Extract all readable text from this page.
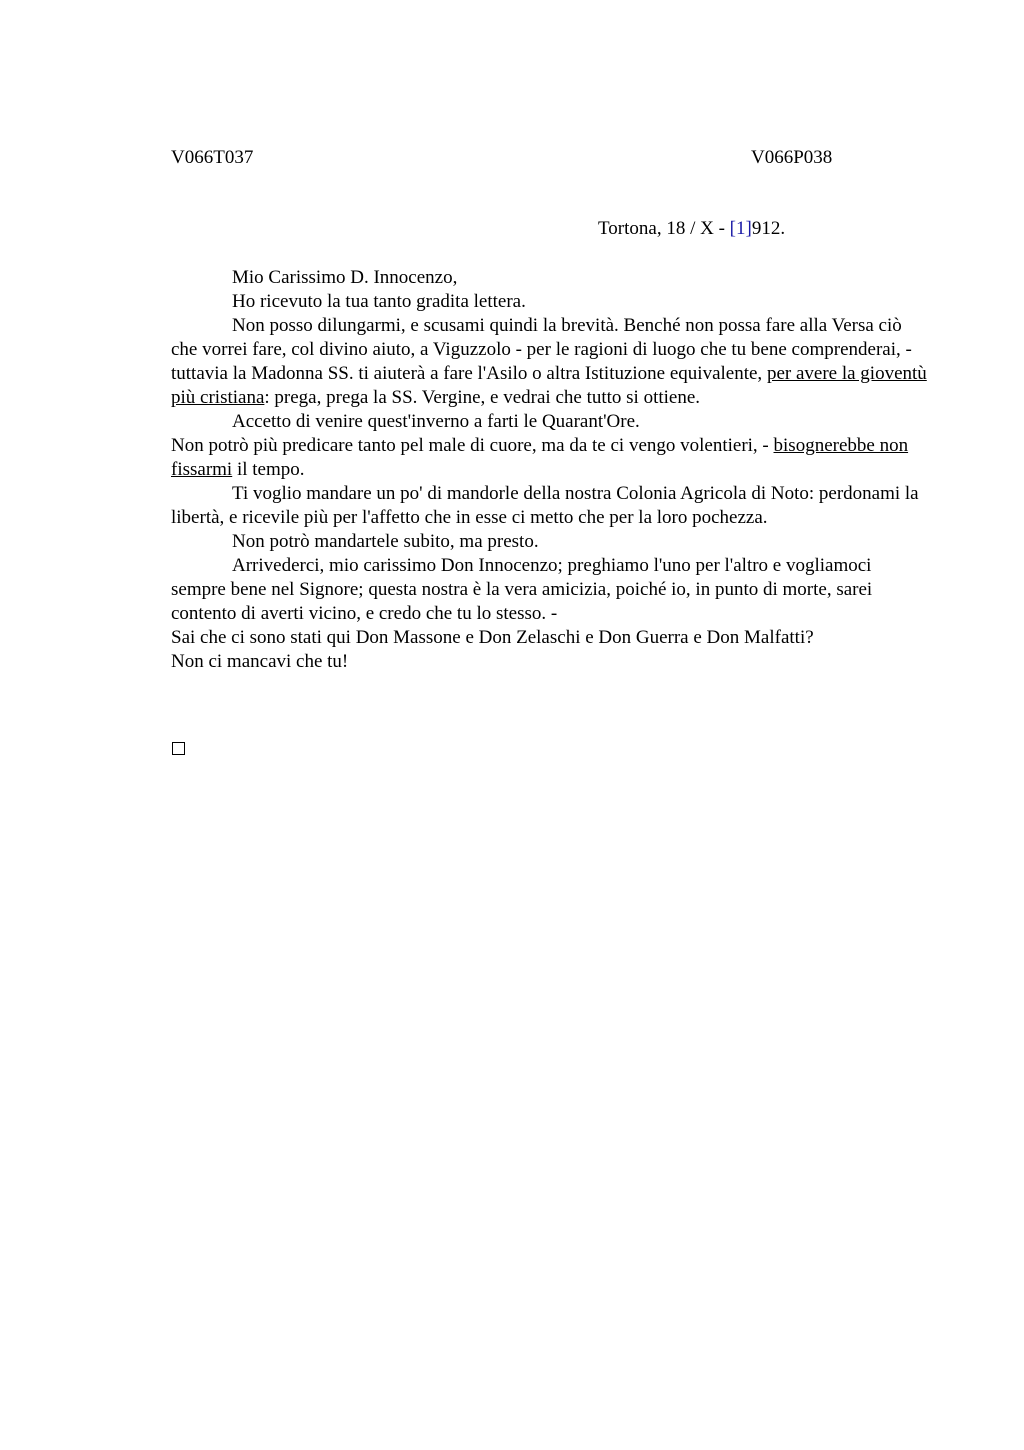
V066T037	V066P038
Tortona, 18 / X - [1]912.

Mio Carissimo D. Innocenzo,

Ho ricevuto la tua tanto gradita lettera.

Non posso dilungarmi, e scusami quindi la brevità. Benché non possa fare alla Versa ciò che vorrei fare, col divino aiuto, a Viguzzolo - per le ragioni di luogo che tu bene comprenderai, - tuttavia la Madonna SS. ti aiuterà a fare l'Asilo o altra Istituzione equivalente, per avere la gioventù più cristiana: prega, prega la SS. Vergine, e vedrai che tutto si ottiene.

Accetto di venire quest'inverno a farti le Quarant'Ore.

Non potrò più predicare tanto pel male di cuore, ma da te ci vengo volentieri, - bisognerebbe non fissarmi il tempo.

Ti voglio mandare un po' di mandorle della nostra Colonia Agricola di Noto: perdonami la libertà, e ricevile più per l'affetto che in esse ci metto che per la loro pochezza.

Non potrò mandartele subito, ma presto.

Arrivederci, mio carissimo Don Innocenzo; preghiamo l'uno per l'altro e vogliamoci sempre bene nel Signore; questa nostra è la vera amicizia, poiché io, in punto di morte, sarei contento di averti vicino, e credo che tu lo stesso. -

Sai che ci sono stati qui Don Massone e Don Zelaschi e Don Guerra e Don Malfatti?

Non ci mancavi che tu!
